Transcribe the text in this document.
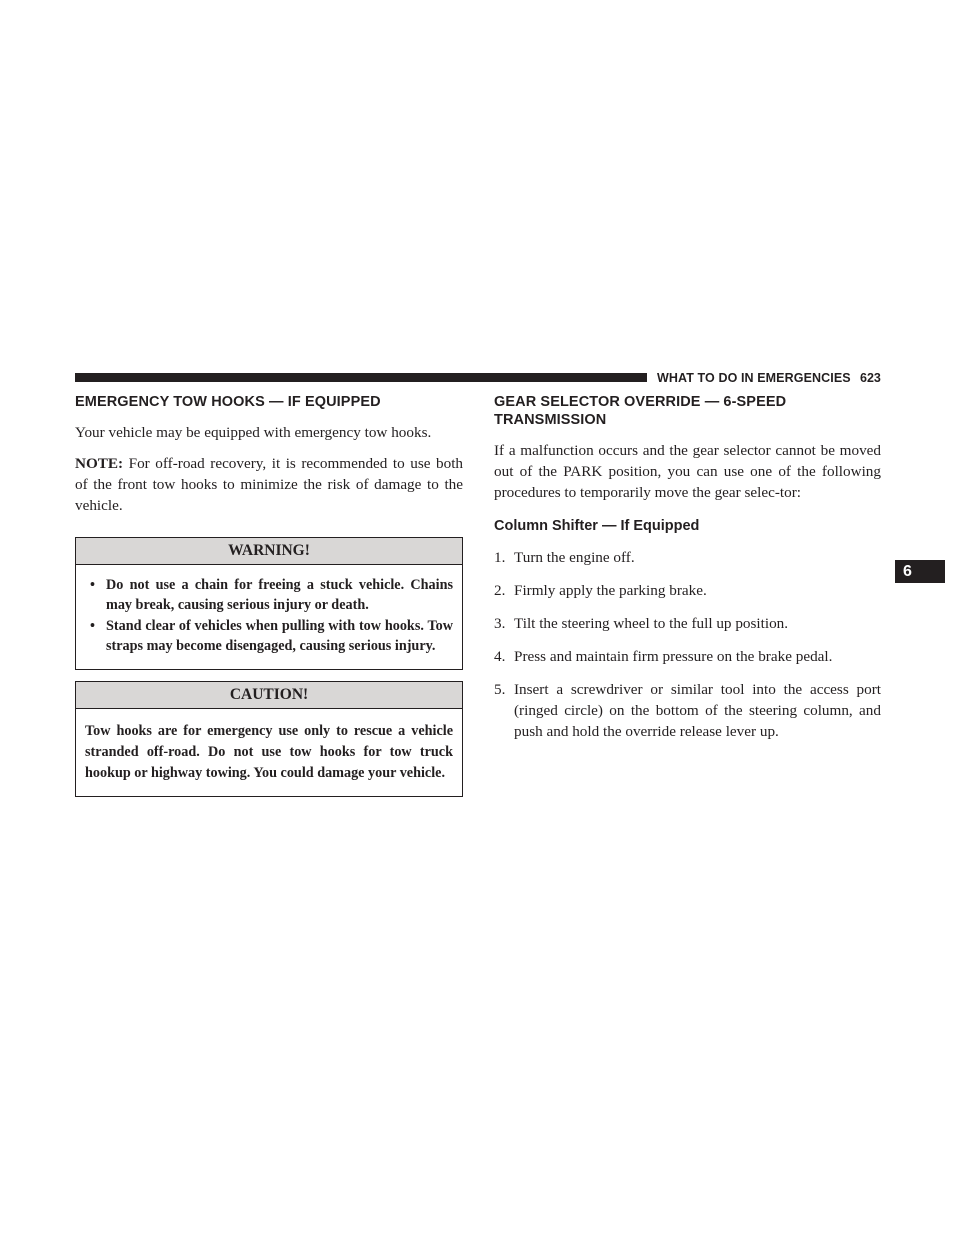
WHAT TO DO IN EMERGENCIES 623
EMERGENCY TOW HOOKS — IF EQUIPPED

Your vehicle may be equipped with emergency tow hooks.

NOTE: For off-road recovery, it is recommended to use both of the front tow hooks to minimize the risk of damage to the vehicle.

WARNING!
• Do not use a chain for freeing a stuck vehicle. Chains may break, causing serious injury or death.
• Stand clear of vehicles when pulling with tow hooks. Tow straps may become disengaged, causing serious injury.
CAUTION!
Tow hooks are for emergency use only to rescue a vehicle stranded off-road. Do not use tow hooks for tow truck hookup or highway towing. You could damage your vehicle.
GEAR SELECTOR OVERRIDE — 6-SPEED
TRANSMISSION

If a malfunction occurs and the gear selector cannot be moved out of the PARK position, you can use one of the following procedures to temporarily move the gear selec-tor:

Column Shifter — If Equipped
1. Turn the engine off.
2. Firmly apply the parking brake.
3. Tilt the steering wheel to the full up position.
4. Press and maintain firm pressure on the brake pedal.
5. Insert a screwdriver or similar tool into the access port (ringed circle) on the bottom of the steering column, and push and hold the override release lever up.
6
